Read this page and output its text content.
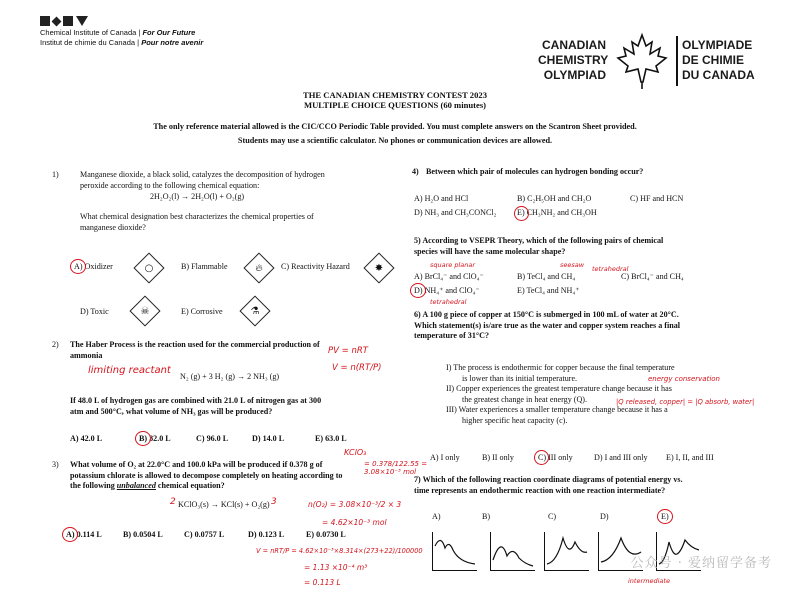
Chemical Institute of Canada | For Our Future
Institut de chimie du Canada | Pour notre avenir	CANADIAN
CHEMISTRY
OLYMPIAD
OLYMPIADE
DE CHIMIE
DU CANADA
THE CANADIAN CHEMISTRY CONTEST 2023
MULTIPLE CHOICE QUESTIONS (60 minutes)
The only reference material allowed is the CIC/CCO Periodic Table provided. You must complete answers on the Scantron Sheet provided.
Students may use a scientific calculator. No phones or communication devices are allowed.
1)	Manganese dioxide, a black solid, catalyzes the decomposition of hydrogen
peroxide according to the following chemical equation:
2H₂O₂(l) → 2H₂O(l) + O₂(g)
What chemical designation best characterizes the chemical properties of
manganese dioxide?
A) Oxidizer	○	B) Flammable	🔥︎	C) Reactivity Hazard	✸
D) Toxic	☠	E) Corrosive	⚗
2) The Haber Process is the reaction used for the commercial production of
ammonia
limiting reactant
PV = nRT
V = n(RT/P)
N₂ (g) + 3 H₂ (g) → 2 NH₃ (g)
If 48.0 L of hydrogen gas are combined with 21.0 L of nitrogen gas at 300
atm and 500°C, what volume of NH₃ gas will be produced?
A) 42.0 L	B) 32.0 L	C) 96.0 L	D) 14.0 L	E) 63.0 L
3) What volume of O₂ at 22.0°C and 100.0 kPa will be produced if 0.378 g of
potassium chlorate is allowed to decompose completely on heating according to
the following unbalanced chemical equation?
KClO₃
= 0.378/122.55 = 3.08×10⁻³ mol
KClO₃(s) → KCl(s) + O₂(g)
2	3	n(O₂) = 3.08×10⁻³/2 × 3
= 4.62×10⁻³ mol
A) 0.114 L	B) 0.0504 L	C) 0.0757 L	D) 0.123 L	E) 0.0730 L
V = nRT/P = 4.62×10⁻³×8.314×(273+22)/100000
= 1.13 ×10⁻⁴ m³
= 0.113 L
4) Between which pair of molecules can hydrogen bonding occur?
A) H₂O and HCl	B) C₂H₅OH and CH₂O	C) HF and HCN
D) NH₃ and CH₃CONCl₂	E) CH₃NH₂ and CH₃OH
5) According to VSEPR Theory, which of the following pairs of chemical
species will have the same molecular shape?
square planar	seesaw tetrahedral
A) BrCl₄⁻ and ClO₄⁻	B) TeCl₄ and CH₄	C) BrCl₄⁻ and CH₄
D) NH₄⁺ and ClO₄⁻	E) TeCl₄ and NH₄⁺
tetrahedral
6) A 100 g piece of copper at 150°C is submerged in 100 mL of water at 20°C.
Which statement(s) is/are true as the water and copper system reaches a final
temperature of 31°C?
I) The process is endothermic for copper because the final temperature
is lower than its initial temperature.
II) Copper experiences the greatest temperature change because it has
the greatest change in heat energy (Q).
III) Water experiences a smaller temperature change because it has a
higher specific heat capacity (c).
energy conservation
|Q released, copper| = |Q absorb, water|
A) I only	B) II only	C) III only	D) I and III only E) I, II, and III
7) Which of the following reaction coordinate diagrams of potential energy vs.
time represents an endothermic reaction with one reaction intermediate?
A)	B)	C)	D)	E)
intermediate
公众号 · 爱纳留学备考
